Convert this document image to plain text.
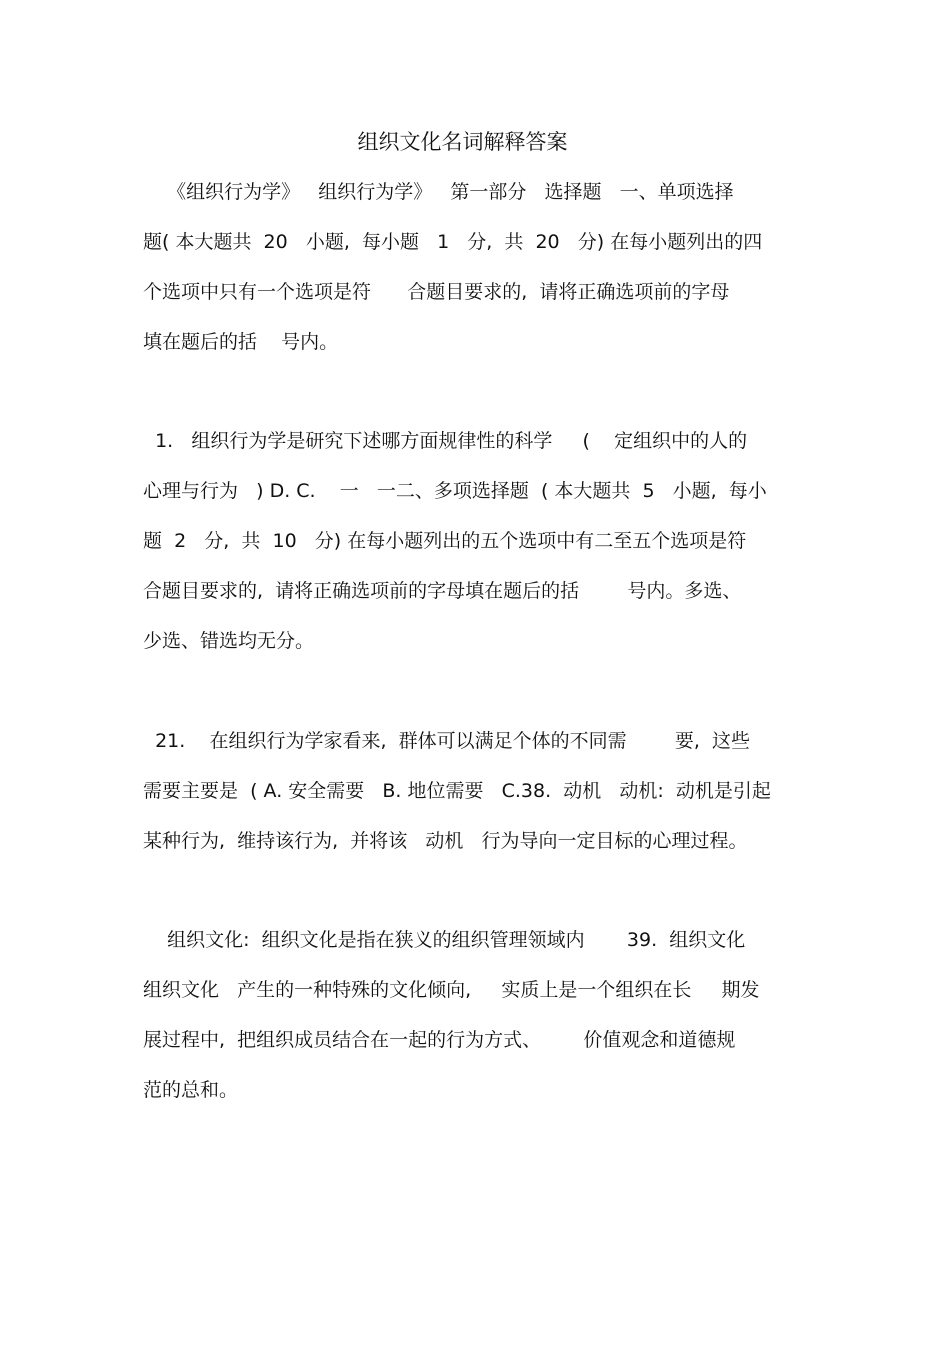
组织文化名词解释答案
《组织行为学》   组织行为学》   第一部分   选择题   一、单项选择
题( 本大题共  20   小题,  每小题   1   分,  共  20   分) 在每小题列出的四
个选项中只有一个选项是符      合题目要求的,  请将正确选项前的字母
填在题后的括    号内。
1.   组织行为学是研究下述哪方面规律性的科学     (    定组织中的人的
心理与行为   ) D. C.    一   一二、多项选择题  ( 本大题共  5   小题,  每小
题  2   分,  共  10   分) 在每小题列出的五个选项中有二至五个选项是符
合题目要求的,  请将正确选项前的字母填在题后的括        号内。多选、
少选、错选均无分。
21.    在组织行为学家看来,  群体可以满足个体的不同需        要,  这些
需要主要是  ( A. 安全需要   B. 地位需要   C.38.  动机   动机:  动机是引起
某种行为,  维持该行为,  并将该   动机   行为导向一定目标的心理过程。
组织文化:  组织文化是指在狭义的组织管理领域内       39.  组织文化
组织文化   产生的一种特殊的文化倾向,     实质上是一个组织在长     期发
展过程中,  把组织成员结合在一起的行为方式、       价值观念和道德规
范的总和。
